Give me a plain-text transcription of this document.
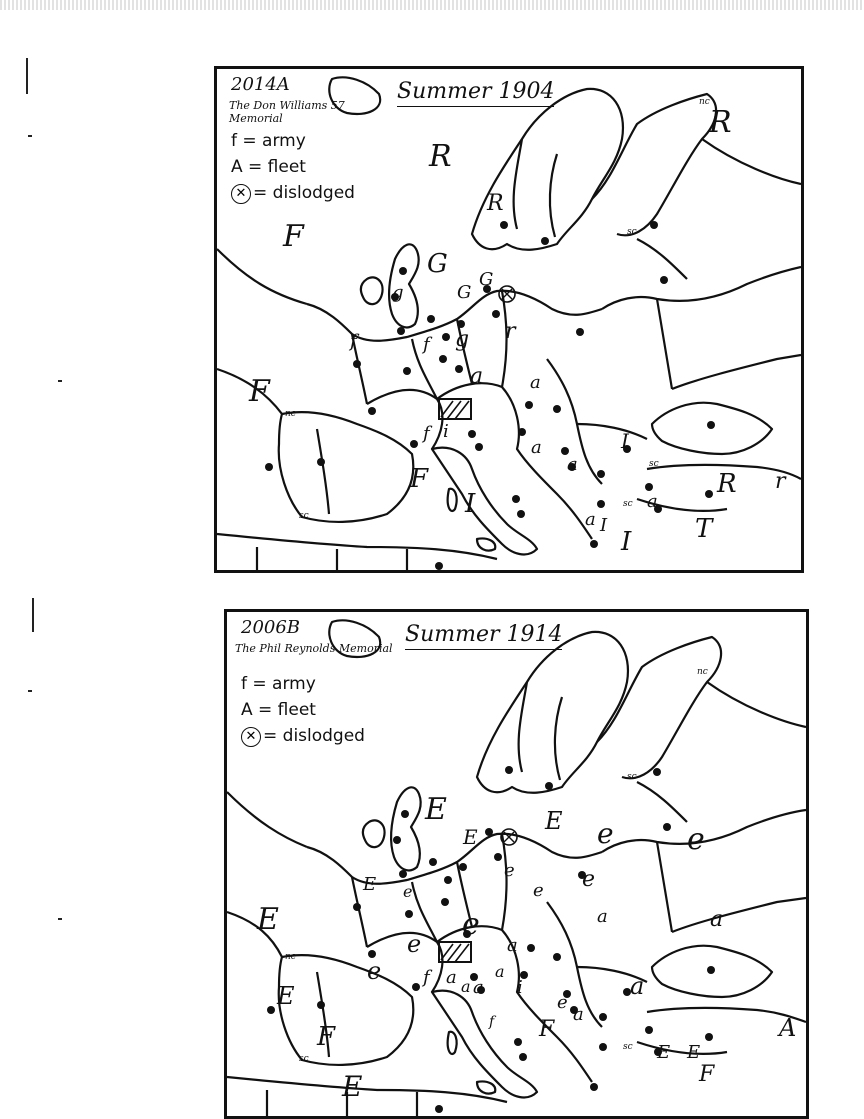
2014A
The Don Williams 57 Memorial
Summer 1904
f = army
A = fleet
✕ = dislodged
nc
sc
nc
sc
sc
sc
R
R
R
F
F
G
G
G
g
g r
a	a
f	f
f i
a
a
F
I
I
a I	T
R r
I
a
2006B
The Phil Reynolds Memorial
Summer 1914
f = army
A = fleet
✕ = dislodged
nc
sc
nc
sc
sc
E
E
E e e
e
e e
e
E
E
e
e
e
a
a
a
a
a
a
a
f a a
E
E
F	F
E
E
A
F
e
i
f
